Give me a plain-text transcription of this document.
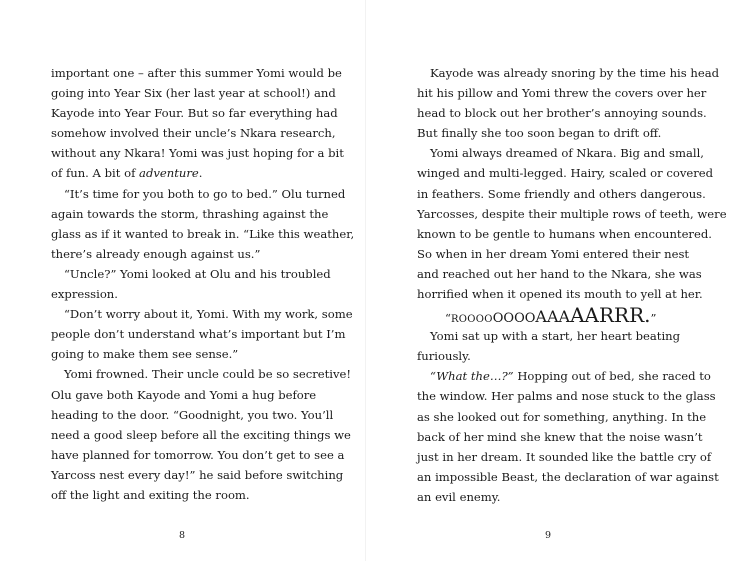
important one – after this summer Yomi would be
going into Year Six (her last year at school!) and
Kayode into Year Four. But so far everything had
somehow involved their uncle’s Nkara research,
without any Nkara! Yomi was just hoping for a bit
of fun. A bit of adventure.
“It’s time for you both to go to bed.” Olu turned
again towards the storm, thrashing against the
glass as if it wanted to break in. “Like this weather,
there’s already enough against us.”
“Uncle?” Yomi looked at Olu and his troubled
expression.
“Don’t worry about it, Yomi. With my work, some
people don’t understand what’s important but I’m
going to make them see sense.”
Yomi frowned. Their uncle could be so secretive!
Olu gave both Kayode and Yomi a hug before
heading to the door. “Goodnight, you two. You’ll
need a good sleep before all the exciting things we
have planned for tomorrow. You don’t get to see a
Yarcoss nest every day!” he said before switching
off the light and exiting the room.
8
Kayode was already snoring by the time his head
hit his pillow and Yomi threw the covers over her
head to block out her brother’s annoying sounds.
But finally she too soon began to drift off.
Yomi always dreamed of Nkara. Big and small,
winged and multi-legged. Hairy, scaled or covered
in feathers. Some friendly and others dangerous.
Yarcosses, despite their multiple rows of teeth, were
known to be gentle to humans when encountered.
So when in her dream Yomi entered their nest
and reached out her hand to the Nkara, she was
horrified when it opened its mouth to yell at her.
“ROOOOOOOOAAAAARRR.”
Yomi sat up with a start, her heart beating
furiously.
“What the…?” Hopping out of bed, she raced to
the window. Her palms and nose stuck to the glass
as she looked out for something, anything. In the
back of her mind she knew that the noise wasn’t
just in her dream. It sounded like the battle cry of
an impossible Beast, the declaration of war against
an evil enemy.
9
